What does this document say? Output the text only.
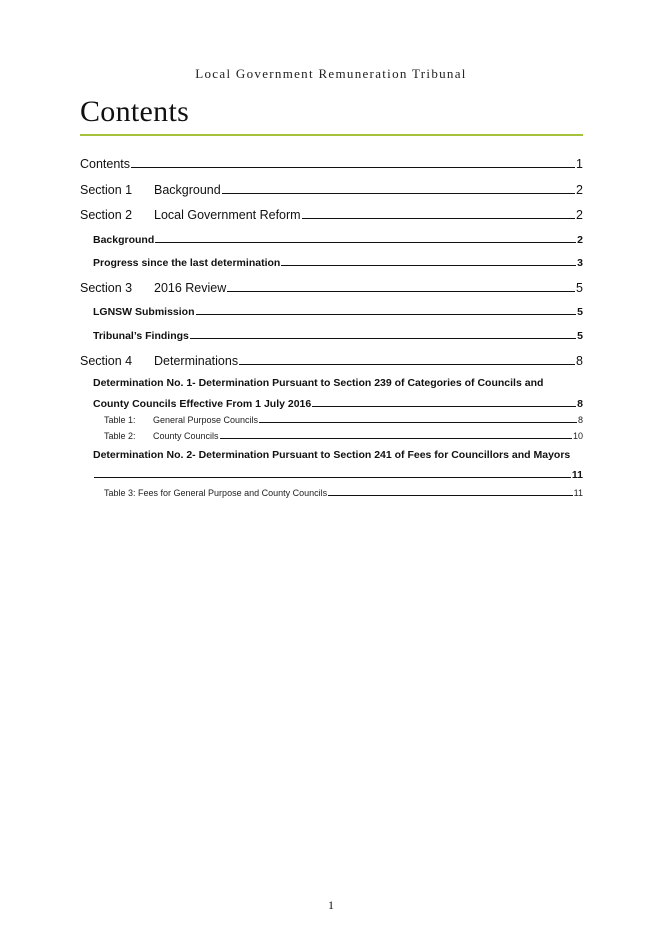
Local Government Remuneration Tribunal
Contents
Contents	1
Section 1 Background	2
Section 2 Local Government Reform	2
Background	2
Progress since the last determination	3
Section 3 2016 Review	5
LGNSW Submission	5
Tribunal’s Findings	5
Section 4 Determinations	8
Determination No. 1- Determination Pursuant to Section 239 of Categories of Councils and
County Councils Effective From 1 July 2016	8
Table 1: General Purpose Councils	8
Table 2: County Councils	10
Determination No. 2- Determination Pursuant to Section 241 of Fees for Councillors and Mayors
11
Table 3: Fees for General Purpose and County Councils	11
1
